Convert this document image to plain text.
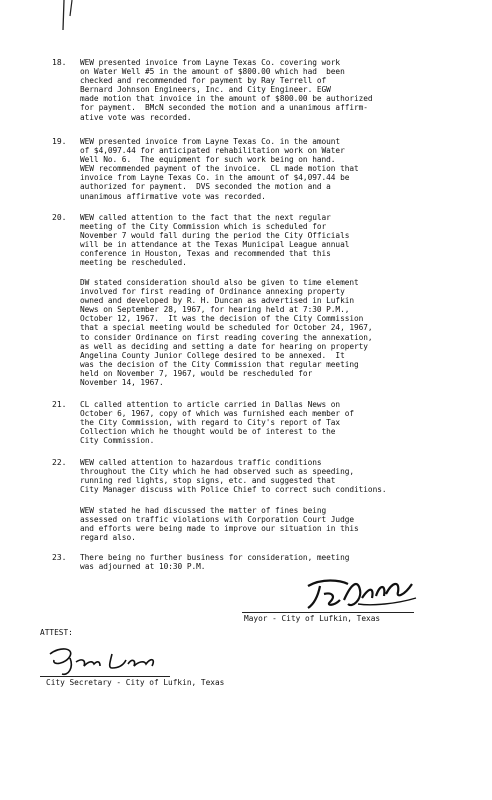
18. WEW presented invoice from Layne Texas Co. covering work
on Water Well #5 in the amount of $800.00 which had  been
checked and recommended for payment by Ray Terrell of
Bernard Johnson Engineers, Inc. and City Engineer. EGW
made motion that invoice in the amount of $800.00 be authorized
for payment.  BMcN seconded the motion and a unanimous affirm-
ative vote was recorded.
19. WEW presented invoice from Layne Texas Co. in the amount
of $4,097.44 for anticipated rehabilitation work on Water
Well No. 6.  The equipment for such work being on hand.
WEW recommended payment of the invoice.  CL made motion that
invoice from Layne Texas Co. in the amount of $4,097.44 be
authorized for payment.  DVS seconded the motion and a
unanimous affirmative vote was recorded.
20. WEW called attention to the fact that the next regular
meeting of the City Commission which is scheduled for
November 7 would fall during the period the City Officials
will be in attendance at the Texas Municipal League annual
conference in Houston, Texas and recommended that this
meeting be rescheduled.
DW stated consideration should also be given to time element
involved for first reading of Ordinance annexing property
owned and developed by R. H. Duncan as advertised in Lufkin
News on September 28, 1967, for hearing held at 7:30 P.M.,
October 12, 1967.  It was the decision of the City Commission
that a special meeting would be scheduled for October 24, 1967,
to consider Ordinance on first reading covering the annexation,
as well as deciding and setting a date for hearing on property
Angelina County Junior College desired to be annexed.  It
was the decision of the City Commission that regular meeting
held on November 7, 1967, would be rescheduled for
November 14, 1967.
21. CL called attention to article carried in Dallas News on
October 6, 1967, copy of which was furnished each member of
the City Commission, with regard to City's report of Tax
Collection which he thought would be of interest to the
City Commission.
22. WEW called attention to hazardous traffic conditions
throughout the City which he had observed such as speeding,
running red lights, stop signs, etc. and suggested that
City Manager discuss with Police Chief to correct such conditions.
WEW stated he had discussed the matter of fines being
assessed on traffic violations with Corporation Court Judge
and efforts were being made to improve our situation in this
regard also.
23. There being no further business for consideration, meeting
was adjourned at 10:30 P.M.
Mayor - City of Lufkin, Texas
ATTEST:
City Secretary - City of Lufkin, Texas
